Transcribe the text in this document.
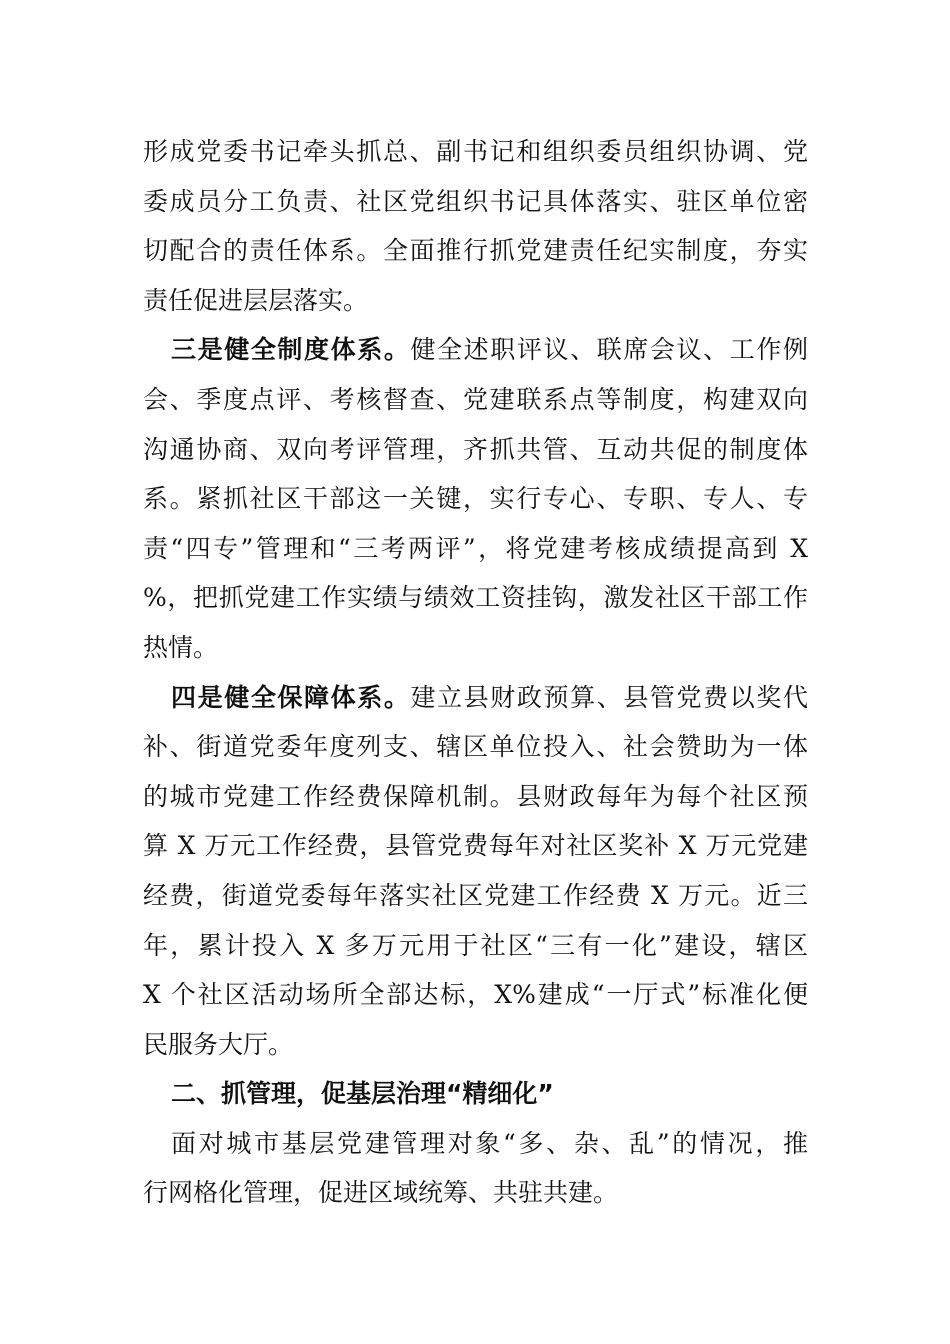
形成党委书记牵头抓总、副书记和组织委员组织协调、党
委成员分工负责、社区党组织书记具体落实、驻区单位密
切配合的责任体系。全面推行抓党建责任纪实制度，夯实
责任促进层层落实。
三是健全制度体系。健全述职评议、联席会议、工作例
会、季度点评、考核督查、党建联系点等制度，构建双向
沟通协商、双向考评管理，齐抓共管、互动共促的制度体
系。紧抓社区干部这一关键，实行专心、专职、专人、专
责“四专”管理和“三考两评”，将党建考核成绩提高到 X
%，把抓党建工作实绩与绩效工资挂钩，激发社区干部工作
热情。
四是健全保障体系。建立县财政预算、县管党费以奖代
补、街道党委年度列支、辖区单位投入、社会赞助为一体
的城市党建工作经费保障机制。县财政每年为每个社区预
算 X 万元工作经费，县管党费每年对社区奖补 X 万元党建
经费，街道党委每年落实社区党建工作经费 X 万元。近三
年，累计投入 X 多万元用于社区“三有一化”建设，辖区
X 个社区活动场所全部达标，X%建成“一厅式”标准化便
民服务大厅。
二、抓管理，促基层治理“精细化”
面对城市基层党建管理对象“多、杂、乱”的情况，推
行网格化管理，促进区域统筹、共驻共建。
